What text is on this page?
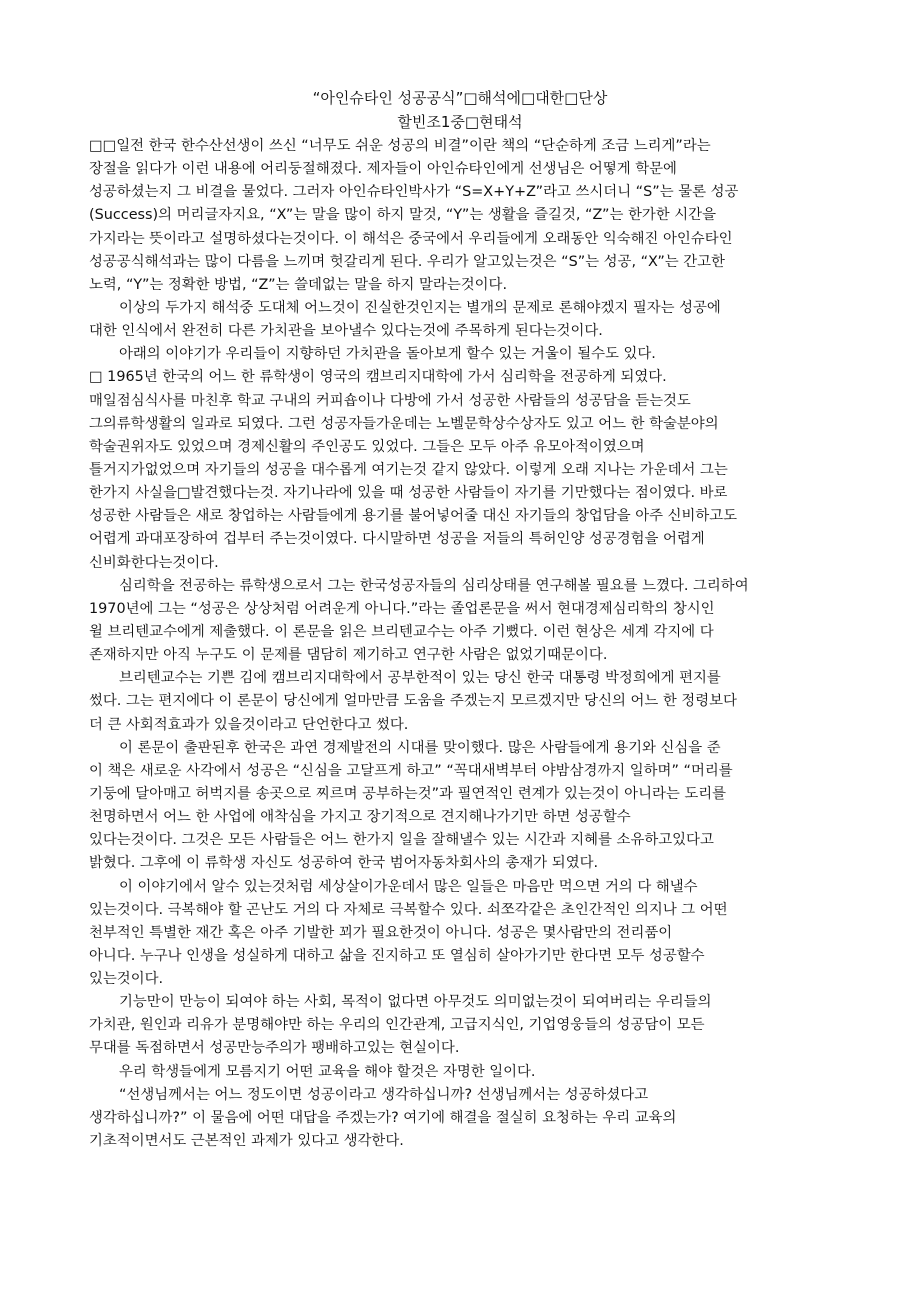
“아인슈타인 성공공식”□해석에□대한□단상
할빈조1중□현태석
□□일전 한국 한수산선생이 쓰신 “너무도 쉬운 성공의 비결”이란 책의 “단순하게 조금 느리게”라는
장절을 읽다가 이런 내용에 어리둥절해졌다. 제자들이 아인슈타인에게 선생님은 어떻게 학문에
성공하셨는지 그 비결을 물었다. 그러자 아인슈타인박사가 “S=X+Y+Z”라고 쓰시더니 “S”는 물론 성공
(Success)의 머리글자지요, “X”는 말을 많이 하지 말것, “Y”는 생활을 즐길것, “Z”는 한가한 시간을
가지라는 뜻이라고 설명하셨다는것이다. 이 해석은 중국에서 우리들에게 오래동안 익숙해진 아인슈타인
성공공식해석과는 많이 다름을 느끼며 헛갈리게 된다. 우리가 알고있는것은 “S”는 성공, “X”는 간고한
노력, “Y”는 정확한 방법, “Z”는 쓸데없는 말을 하지 말라는것이다.
이상의 두가지 해석중 도대체 어느것이 진실한것인지는 별개의 문제로 론해야겠지 필자는 성공에
대한 인식에서 완전히 다른 가치관을 보아낼수 있다는것에 주목하게 된다는것이다.
아래의 이야기가 우리들이 지향하던 가치관을 돌아보게 할수 있는 거울이 될수도 있다.
□ 1965년 한국의 어느 한 류학생이 영국의 캠브리지대학에 가서 심리학을 전공하게 되였다.
매일점심식사를 마친후 학교 구내의 커피숍이나 다방에 가서 성공한 사람들의 성공담을 듣는것도
그의류학생활의 일과로 되였다. 그런 성공자들가운데는 노벨문학상수상자도 있고 어느 한 학술분야의
학술권위자도 있었으며 경제신활의 주인공도 있었다. 그들은 모두 아주 유모아적이였으며
틀거지가없었으며 자기들의 성공을 대수롭게 여기는것 같지 않았다. 이렇게 오래 지나는 가운데서 그는
한가지 사실을□발견했다는것. 자기나라에 있을 때 성공한 사람들이 자기를 기만했다는 점이였다. 바로
성공한 사람들은 새로 창업하는 사람들에게 용기를 불어넣어줄 대신 자기들의 창업담을 아주 신비하고도
어렵게 과대포장하여 겁부터 주는것이였다. 다시말하면 성공을 저들의 특허인양 성공경험을 어렵게
신비화한다는것이다.
심리학을 전공하는 류학생으로서 그는 한국성공자들의 심리상태를 연구해볼 필요를 느꼈다. 그리하여
1970년에 그는 “성공은 상상처럼 어려운게 아니다.”라는 졸업론문을 써서 현대경제심리학의 창시인
윌 브리텐교수에게 제출했다. 이 론문을 읽은 브리텐교수는 아주 기뻤다. 이런 현상은 세계 각지에 다
존재하지만 아직 누구도 이 문제를 댐담히 제기하고 연구한 사람은 없었기때문이다.
브리텐교수는 기쁜 김에 캠브리지대학에서 공부한적이 있는 당신 한국 대통령 박정희에게 편지를
썼다. 그는 편지에다 이 론문이 당신에게 얼마만큼 도움을 주겠는지 모르겠지만 당신의 어느 한 정령보다
더 큰 사회적효과가 있을것이라고 단언한다고 썼다.
이 론문이 출판된후 한국은 과연 경제발전의 시대를 맞이했다. 많은 사람들에게 용기와 신심을 준
이 책은 새로운 사각에서 성공은 “신심을 고달프게 하고” “꼭대새벽부터 야밤삼경까지 일하며” “머리를
기둥에 달아매고 허벅지를 송곳으로 찌르며 공부하는것”과 필연적인 련계가 있는것이 아니라는 도리를
천명하면서 어느 한 사업에 애착심을 가지고 장기적으로 견지해나가기만 하면 성공할수
있다는것이다. 그것은 모든 사람들은 어느 한가지 일을 잘해낼수 있는 시간과 지혜를 소유하고있다고
밝혔다. 그후에 이 류학생 자신도 성공하여 한국 범어자동차회사의 총재가 되였다.
이 이야기에서 알수 있는것처럼 세상살이가운데서 많은 일들은 마음만 먹으면 거의 다 해낼수
있는것이다. 극복해야 할 곤난도 거의 다 자체로 극복할수 있다. 쇠쪼각같은 초인간적인 의지나 그 어떤
천부적인 특별한 재간 혹은 아주 기발한 꾀가 필요한것이 아니다. 성공은 몇사람만의 전리품이
아니다. 누구나 인생을 성실하게 대하고 삶을 진지하고 또 열심히 살아가기만 한다면 모두 성공할수
있는것이다.
기능만이 만능이 되여야 하는 사회, 목적이 없다면 아무것도 의미없는것이 되여버리는 우리들의
가치관, 원인과 리유가 분명해야만 하는 우리의 인간관계, 고급지식인, 기업영웅들의 성공담이 모든
무대를 독점하면서 성공만능주의가 팽배하고있는 현실이다.
우리 학생들에게 모름지기 어떤 교육을 해야 할것은 자명한 일이다.
“선생님께서는 어느 정도이면 성공이라고 생각하십니까? 선생님께서는 성공하셨다고
생각하십니까?” 이 물음에 어떤 대답을 주겠는가? 여기에 해결을 절실히 요청하는 우리 교육의
기초적이면서도 근본적인 과제가 있다고 생각한다.
